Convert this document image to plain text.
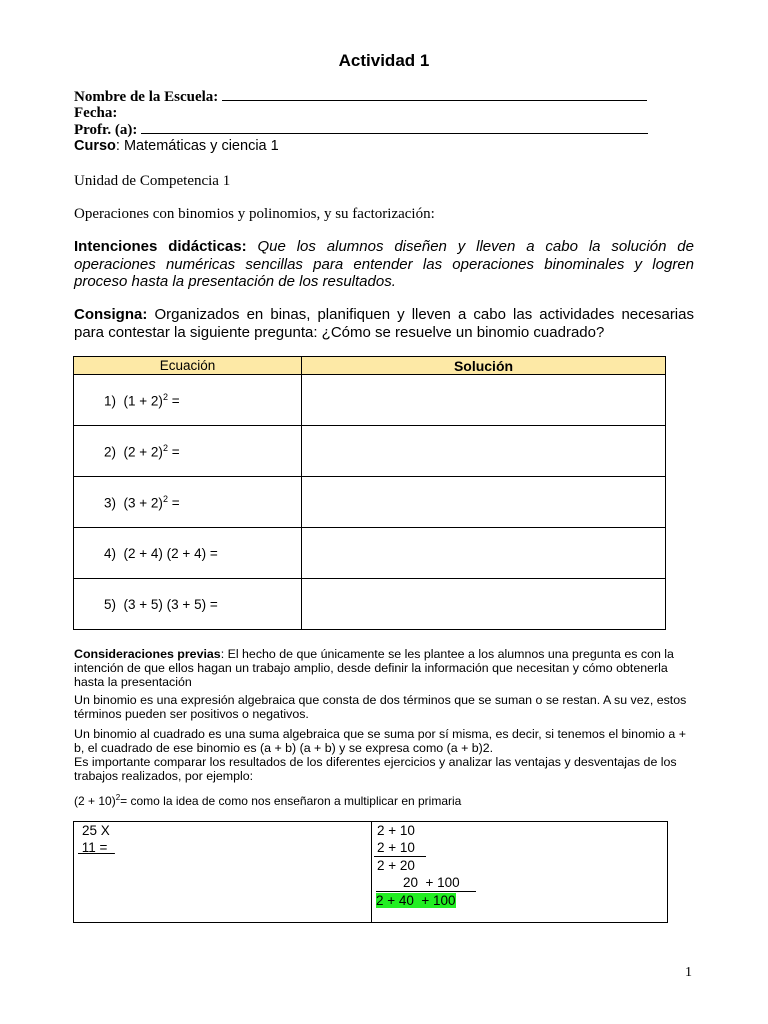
Actividad 1
Nombre de la Escuela:
Fecha:
Profr. (a):
Curso: Matemáticas y ciencia 1
Unidad de Competencia 1
Operaciones con binomios y polinomios, y su factorización:
Intenciones didácticas: Que los alumnos diseñen y lleven a cabo la solución de operaciones numéricas sencillas para entender las operaciones binominales y logren proceso hasta la presentación de los resultados.
Consigna: Organizados en binas, planifiquen y lleven a cabo las actividades necesarias para contestar la siguiente pregunta: ¿Cómo se resuelve un binomio cuadrado?
Ecuación	Solución
1) $(1 + 2)^2$ =	
2) $(2 + 2)^2$ =	
3) $(3 + 2)^2$ =	
4) (2 + 4) (2 + 4) =	
5) (3 + 5) (3 + 5) =	
Consideraciones previas: El hecho de que únicamente se les plantee a los alumnos una pregunta es con la intención de que ellos hagan un trabajo amplio, desde definir la información que necesitan y cómo obtenerla hasta la presentación
Un binomio es una expresión algebraica que consta de dos términos que se suman o se restan. A su vez, estos términos pueden ser positivos o negativos.
Un binomio al cuadrado es una suma algebraica que se suma por sí misma, es decir, si tenemos el binomio a + b, el cuadrado de ese binomio es (a + b) (a + b) y se expresa como (a + b)2.
Es importante comparar los resultados de los diferentes ejercicios y analizar las ventajas y desventajas de los trabajos realizados, por ejemplo:
$(2 + 10)^2=$ como la idea de como nos enseñaron a multiplicar en primaria
25 X
11 =

2 + 10
2 + 10
2 + 20
20  + 100
2 + 40  + 100
1
